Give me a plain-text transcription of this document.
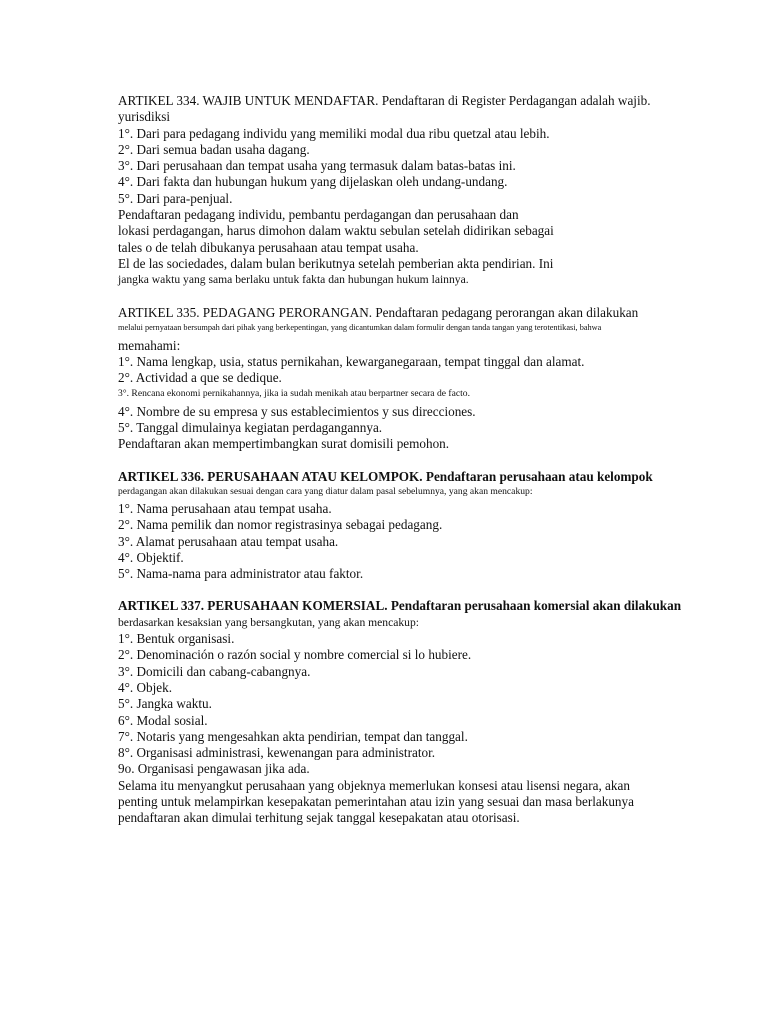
ARTIKEL 334. WAJIB UNTUK MENDAFTAR. Pendaftaran di Register Perdagangan adalah wajib.
yurisdiksi
1°. Dari para pedagang individu yang memiliki modal dua ribu quetzal atau lebih.
2°. Dari semua badan usaha dagang.
3°. Dari perusahaan dan tempat usaha yang termasuk dalam batas-batas ini.
4°. Dari fakta dan hubungan hukum yang dijelaskan oleh undang-undang.
5°. Dari para-penjual.
Pendaftaran pedagang individu, pembantu perdagangan dan perusahaan dan
lokasi perdagangan, harus dimohon dalam waktu sebulan setelah didirikan sebagai
tales o de telah dibukanya perusahaan atau tempat usaha.
El de las sociedades, dalam bulan berikutnya setelah pemberian akta pendirian. Ini
jangka waktu yang sama berlaku untuk fakta dan hubungan hukum lainnya.
ARTIKEL 335. PEDAGANG PERORANGAN. Pendaftaran pedagang perorangan akan dilakukan
melalui pernyataan bersumpah dari pihak yang berkepentingan, yang dicantumkan dalam formulir dengan tanda tangan yang terotentikasi, bahwa
memahami:
1°. Nama lengkap, usia, status pernikahan, kewarganegaraan, tempat tinggal dan alamat.
2°. Actividad a que se dedique.
3°. Rencana ekonomi pernikahannya, jika ia sudah menikah atau berpartner secara de facto.
4°. Nombre de su empresa y sus establecimientos y sus direcciones.
5°. Tanggal dimulainya kegiatan perdagangannya.
Pendaftaran akan mempertimbangkan surat domisili pemohon.
ARTIKEL 336. PERUSAHAAN ATAU KELOMPOK. Pendaftaran perusahaan atau kelompok
perdagangan akan dilakukan sesuai dengan cara yang diatur dalam pasal sebelumnya, yang akan mencakup:
1°. Nama perusahaan atau tempat usaha.
2°. Nama pemilik dan nomor registrasinya sebagai pedagang.
3°. Alamat perusahaan atau tempat usaha.
4°. Objektif.
5°. Nama-nama para administrator atau faktor.
ARTIKEL 337. PERUSAHAAN KOMERSIAL. Pendaftaran perusahaan komersial akan dilakukan
berdasarkan kesaksian yang bersangkutan, yang akan mencakup:
1°. Bentuk organisasi.
2°. Denominación o razón social y nombre comercial si lo hubiere.
3°. Domicili dan cabang-cabangnya.
4°. Objek.
5°. Jangka waktu.
6°. Modal sosial.
7°. Notaris yang mengesahkan akta pendirian, tempat dan tanggal.
8°. Organisasi administrasi, kewenangan para administrator.
9o. Organisasi pengawasan jika ada.
Selama itu menyangkut perusahaan yang objeknya memerlukan konsesi atau lisensi negara, akan
penting untuk melampirkan kesepakatan pemerintahan atau izin yang sesuai dan masa berlakunya
pendaftaran akan dimulai terhitung sejak tanggal kesepakatan atau otorisasi.
